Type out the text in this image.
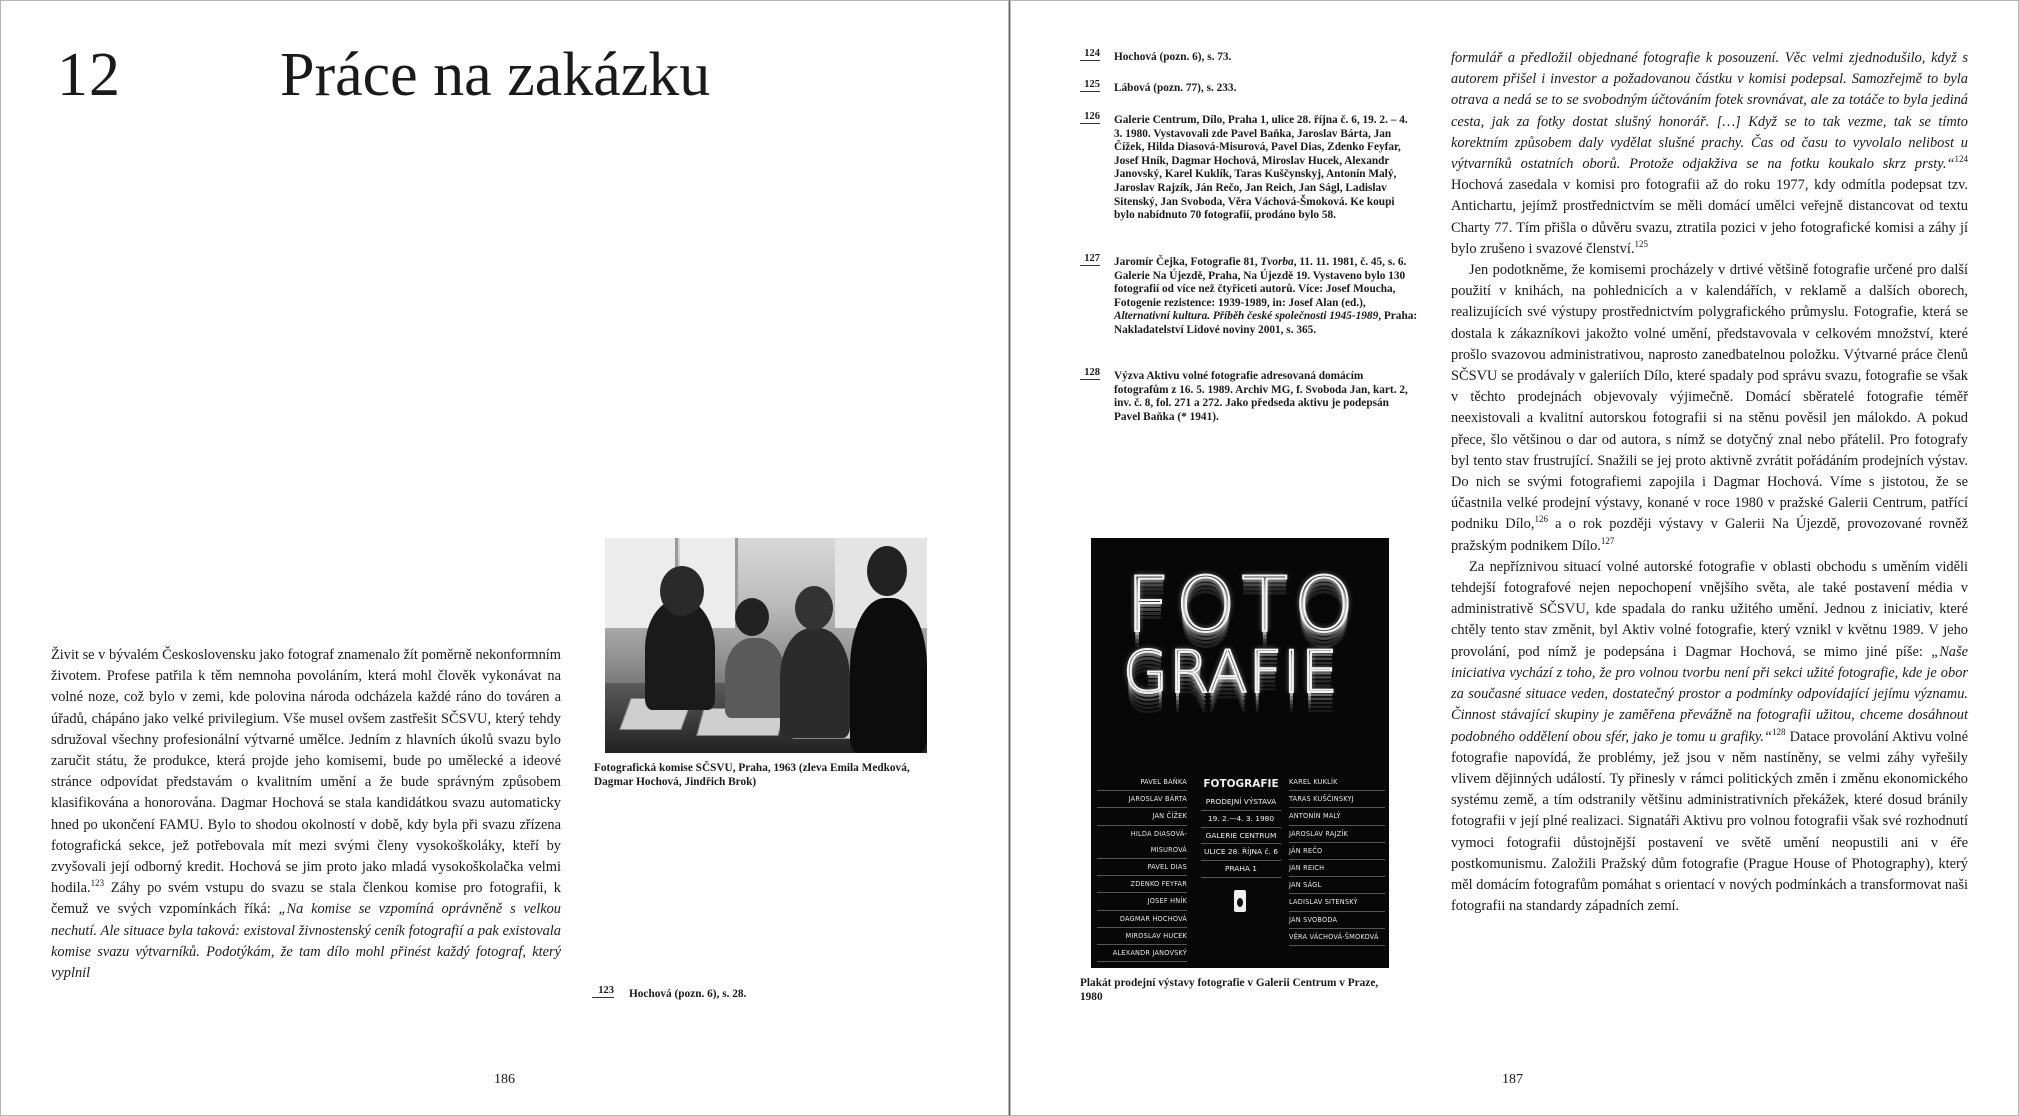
12	Práce na zakázku
Živit se v bývalém Československu jako fotograf znamenalo žít poměrně nekonformním životem. Profese patřila k těm nemnoha povoláním, která mohl člověk vykonávat na volné noze, což bylo v zemi, kde polovina národa odcházela každé ráno do továren a úřadů, chápáno jako velké privilegium. Vše musel ovšem zastřešit SČSVU, který tehdy sdružoval všechny profesionální výtvarné umělce. Jedním z hlavních úkolů svazu bylo zaručit státu, že produkce, která projde jeho komisemi, bude po umělecké a ideové stránce odpovídat představám o kvalitním umění a že bude správným způsobem klasifikována a honorována. Dagmar Hochová se stala kandidátkou svazu automaticky hned po ukončení FAMU. Bylo to shodou okolností v době, kdy byla při svazu zřízena fotografická sekce, jež potřebovala mít mezi svými členy vysokoškoláky, kteří by zvyšovali její odborný kredit. Hochová se jim proto jako mladá vysokoškolačka velmi hodila.$^{123}$ Záhy po svém vstupu do svazu se stala členkou komise pro fotografii, k čemuž ve svých vzpomínkách říká: „Na komise se vzpomíná oprávněně s velkou nechutí. Ale situace byla taková: existoval živnostenský ceník fotografií a pak existovala komise svazu výtvarníků. Podotýkám, že tam dílo mohl přinést každý fotograf, který vyplnil

Fotografická komise SČSVU, Praha, 1963 (zleva Emila Medková, Dagmar Hochová, Jindřich Brok)

123 Hochová (pozn. 6), s. 28.

186
124 Hochová (pozn. 6), s. 73.

125 Lábová (pozn. 77), s. 233.

126 Galerie Centrum, Dílo, Praha 1, ulice 28. října č. 6, 19. 2. – 4. 3. 1980. Vystavovali zde Pavel Baňka, Jaroslav Bárta, Jan Čížek, Hilda Diasová-Misurová, Pavel Dias, Zdenko Feyfar, Josef Hník, Dagmar Hochová, Miroslav Hucek, Alexandr Janovský, Karel Kuklík, Taras Kuščynskyj, Antonín Malý, Jaroslav Rajzík, Ján Rečo, Jan Reich, Jan Ságl, Ladislav Sitenský, Jan Svoboda, Věra Váchová-Šmoková. Ke koupi bylo nabídnuto 70 fotografií, prodáno bylo 58.

127 Jaromír Čejka, Fotografie 81, Tvorba, 11. 11. 1981, č. 45, s. 6. Galerie Na Újezdě, Praha, Na Újezdě 19. Vystaveno bylo 130 fotografií od více než čtyřiceti autorů. Více: Josef Moucha, Fotogenie rezistence: 1939-1989, in: Josef Alan (ed.), Alternativní kultura. Příběh české společnosti 1945-1989, Praha: Nakladatelství Lidové noviny 2001, s. 365.

128 Výzva Aktivu volné fotografie adresovaná domácím fotografům z 16. 5. 1989. Archiv MG, f. Svoboda Jan, kart. 2, inv. č. 8, fol. 271 a 272. Jako předseda aktivu je podepsán Pavel Baňka (* 1941).

FOTO
GRAFIE
PAVEL BAŇKA
JAROSLAV BÁRTA
JAN ČÍŽEK
HILDA DIASOVÁ-MISUROVÁ
PAVEL DIAS
ZDENKO FEYFAR
JOSEF HNÍK
DAGMAR HOCHOVÁ
MIROSLAV HUCEK
ALEXANDR JANOVSKÝ
FOTOGRAFIE
PRODEJNÍ VÝSTAVA
19. 2.—4. 3. 1980
GALERIE CENTRUM
ULICE 28. ŘÍJNA č. 6
PRAHA 1
KAREL KUKLÍK
TARAS KUŠČINSKYJ
ANTONÍN MALÝ
JAROSLAV RAJZÍK
JÁN REČO
JAN REICH
JAN SÁGL
LADISLAV SITENSKÝ
JAN SVOBODA
VĚRA VÁCHOVÁ-ŠMOKOVÁ

Plakát prodejní výstavy fotografie v Galerii Centrum v Praze, 1980

formulář a předložil objednané fotografie k posouzení. Věc velmi zjednodušilo, když s autorem přišel i investor a požadovanou částku v komisi podepsal. Samozřejmě to byla otrava a nedá se to se svobodným účtováním fotek srovnávat, ale za totáče to byla jediná cesta, jak za fotky dostat slušný honorář. […] Když se to tak vezme, tak se tímto korektním způsobem daly vydělat slušné prachy. Čas od času to vyvolalo nelibost u výtvarníků ostatních oborů. Protože odjakživa se na fotku koukalo skrz prsty.“$^{124}$ Hochová zasedala v komisi pro fotografii až do roku 1977, kdy odmítla podepsat tzv. Antichartu, jejímž prostřednictvím se měli domácí umělci veřejně distancovat od textu Charty 77. Tím přišla o důvěru svazu, ztratila pozici v jeho fotografické komisi a záhy jí bylo zrušeno i svazové členství.$^{125}$

Jen podotkněme, že komisemi procházely v drtivé většině fotografie určené pro další použití v knihách, na pohlednicích a v kalendářích, v reklamě a dalších oborech, realizujících své výstupy prostřednictvím polygrafického průmyslu. Fotografie, která se dostala k zákazníkovi jakožto volné umění, představovala v celkovém množství, které prošlo svazovou administrativou, naprosto zanedbatelnou položku. Výtvarné práce členů SČSVU se prodávaly v galeriích Dílo, které spadaly pod správu svazu, fotografie se však v těchto prodejnách objevovaly výjimečně. Domácí sběratelé fotografie téměř neexistovali a kvalitní autorskou fotografii si na stěnu pověsil jen málokdo. A pokud přece, šlo většinou o dar od autora, s nímž se dotyčný znal nebo přátelil. Pro fotografy byl tento stav frustrující. Snažili se jej proto aktivně zvrátit pořádáním prodejních výstav. Do nich se svými fotografiemi zapojila i Dagmar Hochová. Víme s jistotou, že se účastnila velké prodejní výstavy, konané v roce 1980 v pražské Galerii Centrum, patřící podniku Dílo,$^{126}$ a o rok později výstavy v Galerii Na Újezdě, provozované rovněž pražským podnikem Dílo.$^{127}$

Za nepříznivou situací volné autorské fotografie v oblasti obchodu s uměním viděli tehdejší fotografové nejen nepochopení vnějšího světa, ale také postavení média v administrativě SČSVU, kde spadala do ranku užitého umění. Jednou z iniciativ, které chtěly tento stav změnit, byl Aktiv volné fotografie, který vznikl v květnu 1989. V jeho provolání, pod nímž je podepsána i Dagmar Hochová, se mimo jiné píše: „Naše iniciativa vychází z toho, že pro volnou tvorbu není při sekci užité fotografie, kde je obor za současné situace veden, dostatečný prostor a podmínky odpovídající jejímu významu. Činnost stávající skupiny je zaměřena převážně na fotografii užitou, chceme dosáhnout podobného oddělení obou sfér, jako je tomu u grafiky.“$^{128}$ Datace provolání Aktivu volné fotografie napovídá, že problémy, jež jsou v něm nastíněny, se velmi záhy vyřešily vlivem dějinných událostí. Ty přinesly v rámci politických změn i změnu ekonomického systému země, a tím odstranily většinu administrativních překážek, které dosud bránily fotografii v její plné realizaci. Signatáři Aktivu pro volnou fotografii však své rozhodnutí vymoci fotografii důstojnější postavení ve světě umění neopustili ani v éře postkomunismu. Založili Pražský dům fotografie (Prague House of Photography), který měl domácím fotografům pomáhat s orientací v nových podmínkách a transformovat naši fotografii na standardy západních zemí.

187
